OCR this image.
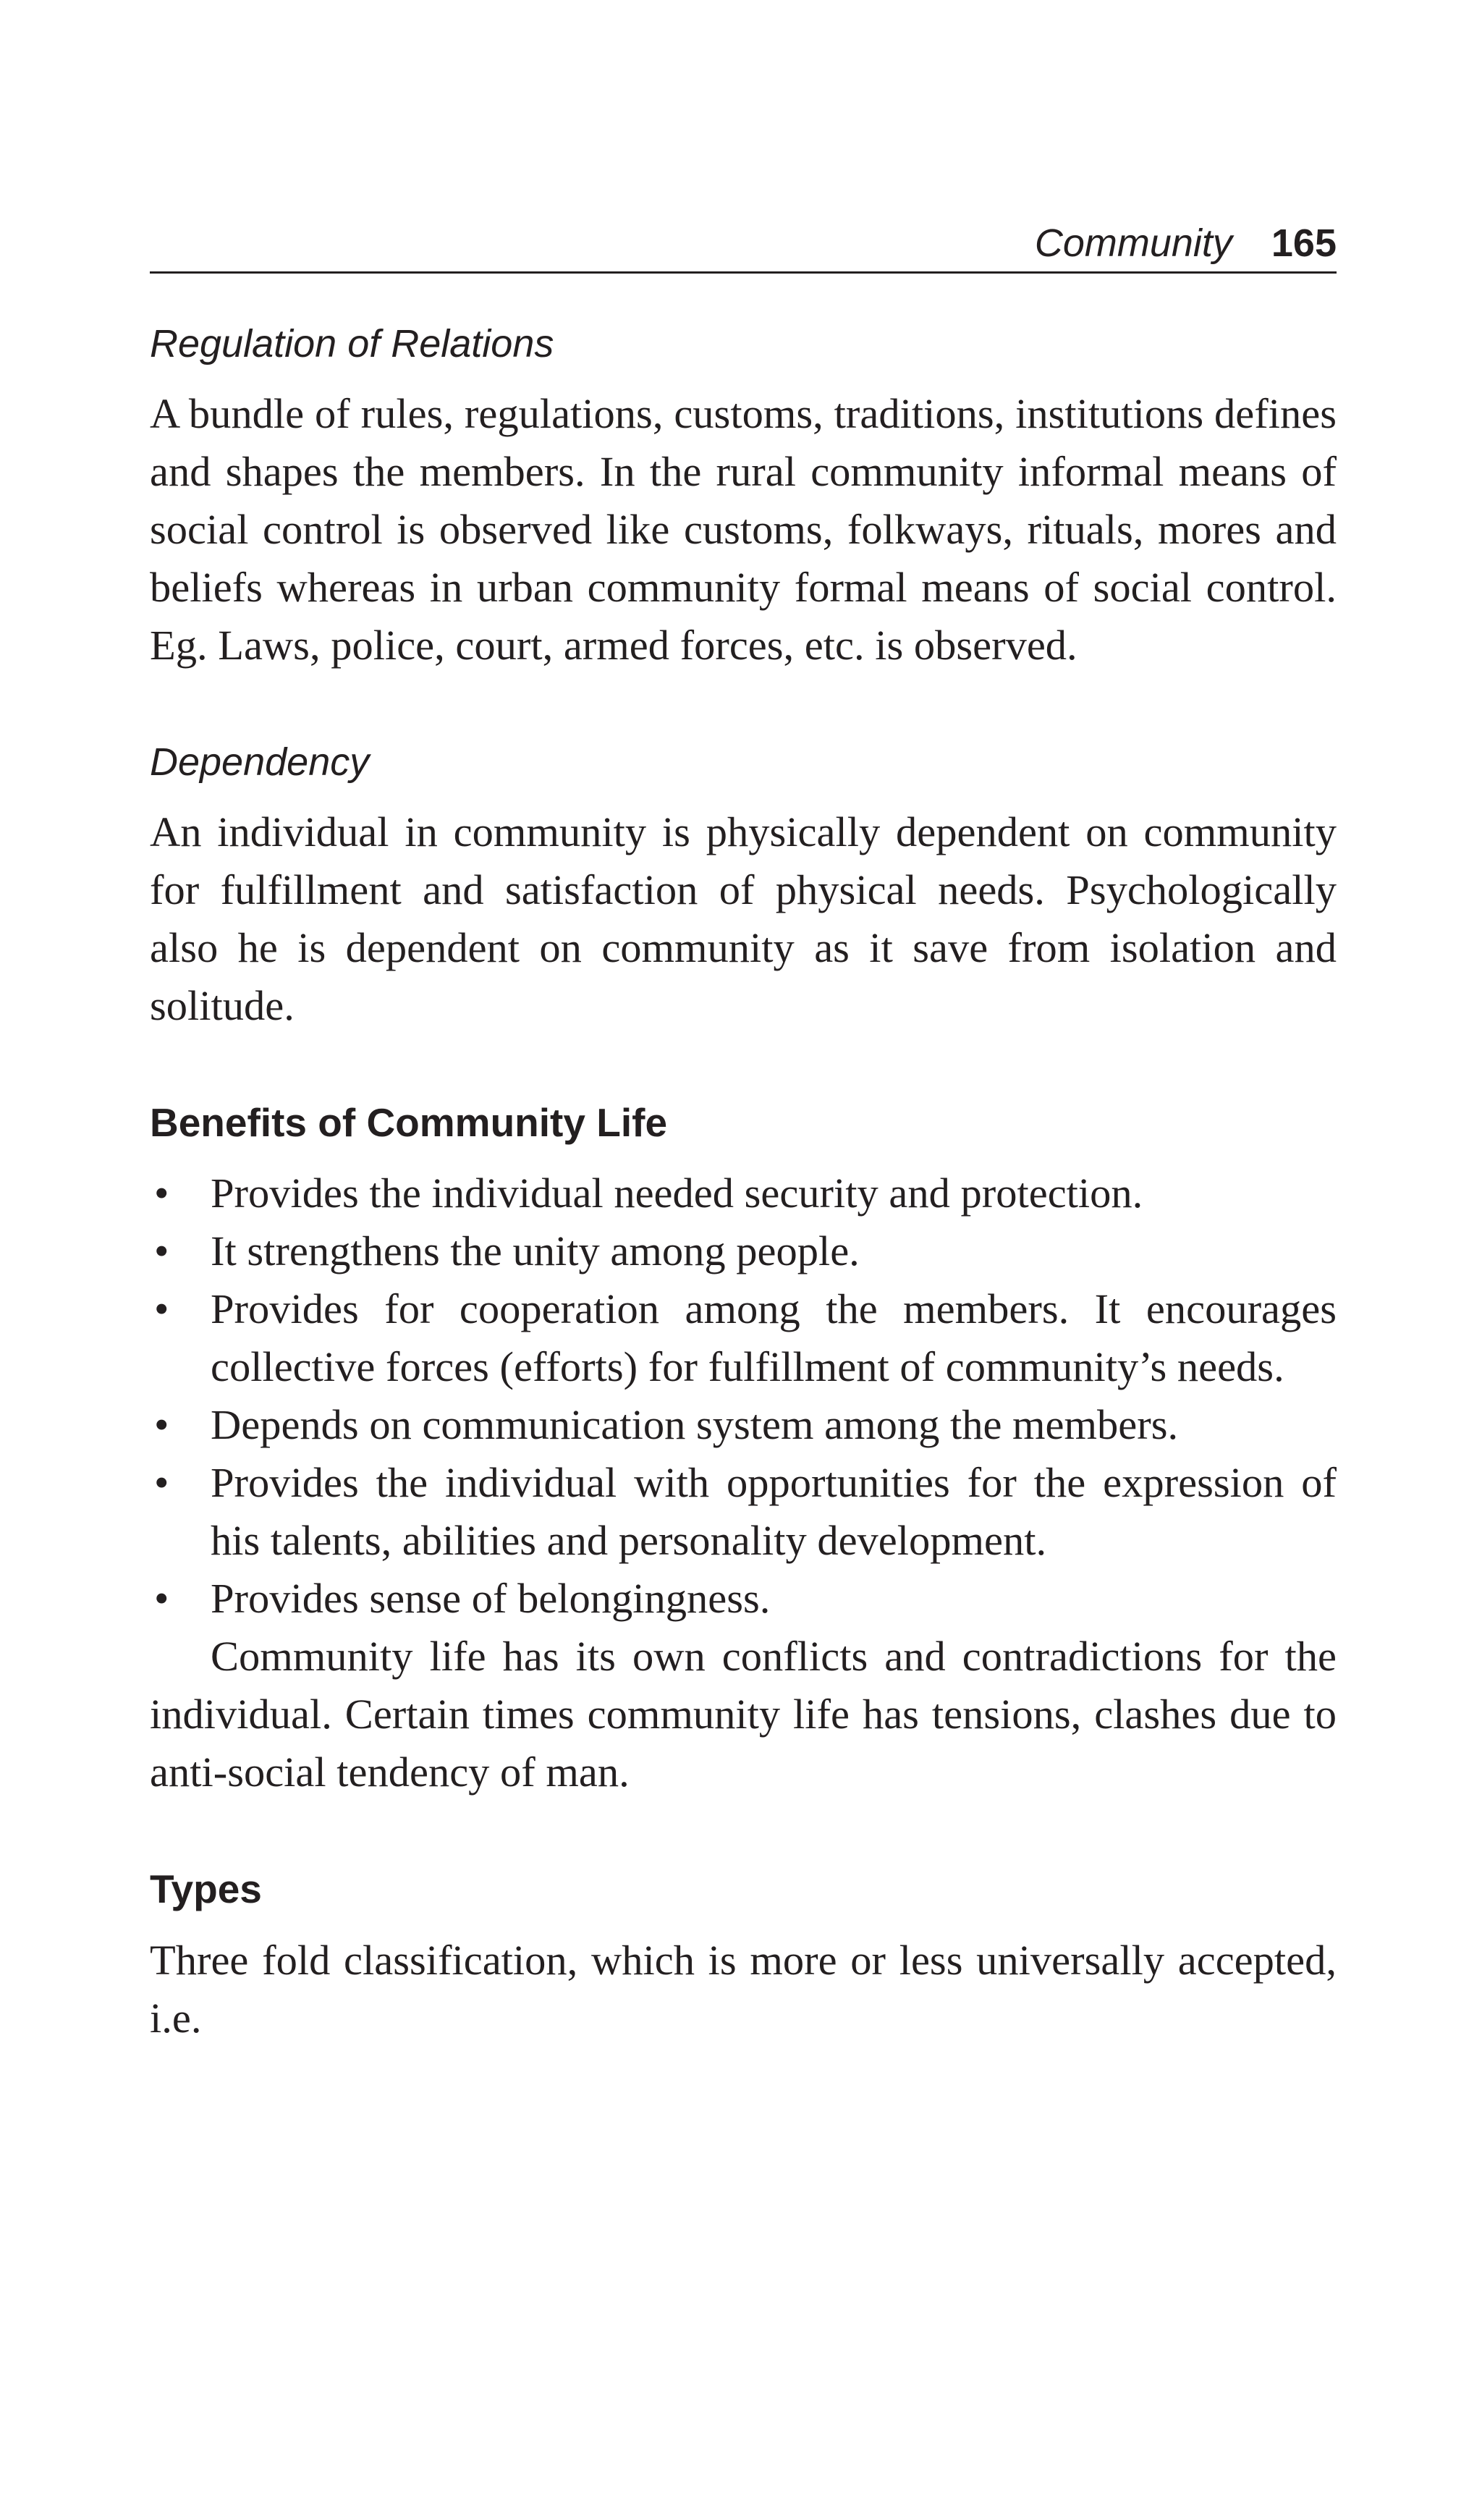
Community 165
Regulation of Relations

A bundle of rules, regulations, customs, traditions, institutions defines and shapes the members. In the rural community informal means of social control is observed like customs, folkways, rituals, mores and beliefs whereas in urban community formal means of social control. Eg. Laws, police, court, armed forces, etc. is observed.

Dependency

An individual in community is physically dependent on community for fulfillment and satisfaction of physical needs. Psychologically also he is dependent on community as it save from isolation and solitude.

Benefits of Community Life
• Provides the individual needed security and protection.
• It strengthens the unity among people.
• Provides for cooperation among the members. It encourages collective forces (efforts) for fulfillment of community’s needs.
• Depends on communication system among the members.
• Provides the individual with opportunities for the expression of his talents, abilities and personality development.
• Provides sense of belongingness.

Community life has its own conflicts and contradictions for the individual. Certain times community life has tensions, clashes due to anti-social tendency of man.

Types

Three fold classification, which is more or less universally accepted, i.e.
